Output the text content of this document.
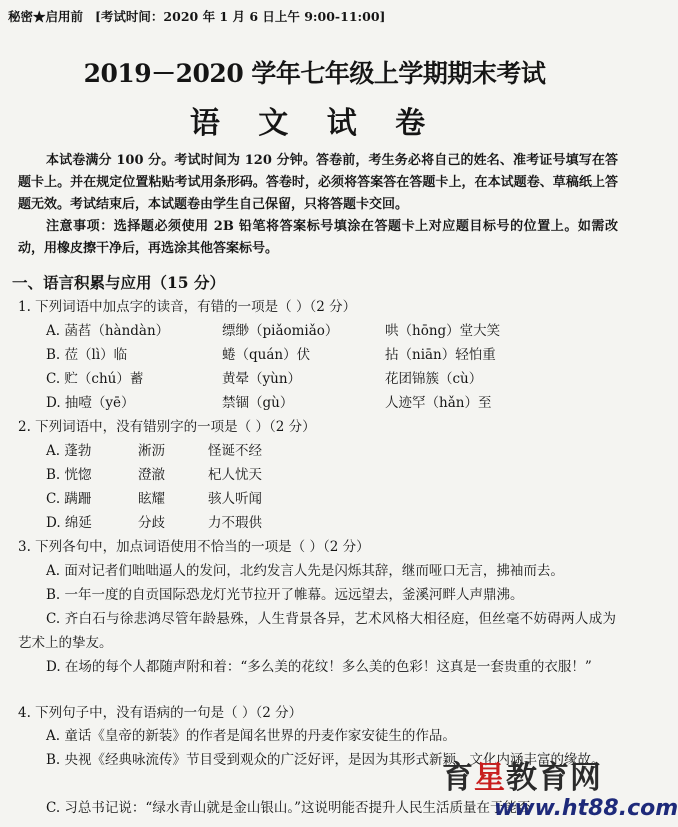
秘密★启用前 [考试时间：2020 年 1 月 6 日上午 9:00-11:00]
2019－2020 学年七年级上学期期末考试
语 文 试 卷
本试卷满分 100 分。考试时间为 120 分钟。答卷前，考生务必将自己的姓名、准考证号填写在答题卡上。并在规定位置粘贴考试用条形码。答卷时，必须将答案答在答题卡上，在本试题卷、草稿纸上答题无效。考试结束后，本试题卷由学生自己保留，只将答题卡交回。
注意事项：选择题必须使用 2B 铅笔将答案标号填涂在答题卡上对应题目标号的位置上。如需改动，用橡皮擦干净后，再选涂其他答案标号。
一、语言积累与应用（15 分）
1. 下列词语中加点字的读音，有错的一项是（ ）（2 分）
A. 菡萏（hàndàn）	缥缈（piǎomiǎo）	哄（hōng）堂大笑
B. 莅（lì）临	蜷（quán）伏	拈（niān）轻怕重
C. 贮（chú）蓄	黄晕（yùn）	花团锦簇（cù）
D. 抽噎（yē）	禁锢（gù）	人迹罕（hǎn）至
2. 下列词语中，没有错别字的一项是（ ）（2 分）
A. 蓬勃	淅沥	怪诞不经
B. 恍惚	澄澈	杞人忧天
C. 蹒跚	眩耀	骇人听闻
D. 绵延	分歧	力不瑕供
3. 下列各句中，加点词语使用不恰当的一项是（ ）（2 分）
A. 面对记者们咄咄逼人的发问，北约发言人先是闪烁其辞，继而哑口无言，拂袖而去。
B. 一年一度的自贡国际恐龙灯光节拉开了帷幕。远远望去，釜溪河畔人声鼎沸。
C. 齐白石与徐悲鸿尽管年龄悬殊，人生背景各异，艺术风格大相径庭，但丝毫不妨碍两人成为艺术上的挚友。
D. 在场的每个人都随声附和着：“多么美的花纹！多么美的色彩！这真是一套贵重的衣服！”
4. 下列句子中，没有语病的一句是（ ）（2 分）
A. 童话《皇帝的新装》的作者是闻名世界的丹麦作家安徒生的作品。
B. 央视《经典咏流传》节目受到观众的广泛好评，是因为其形式新颖、文化内涵丰富的缘故。
C. 习总书记说：“绿水青山就是金山银山。”这说明能否提升人民生活质量在于能否
育星教育网
www.ht88.com
